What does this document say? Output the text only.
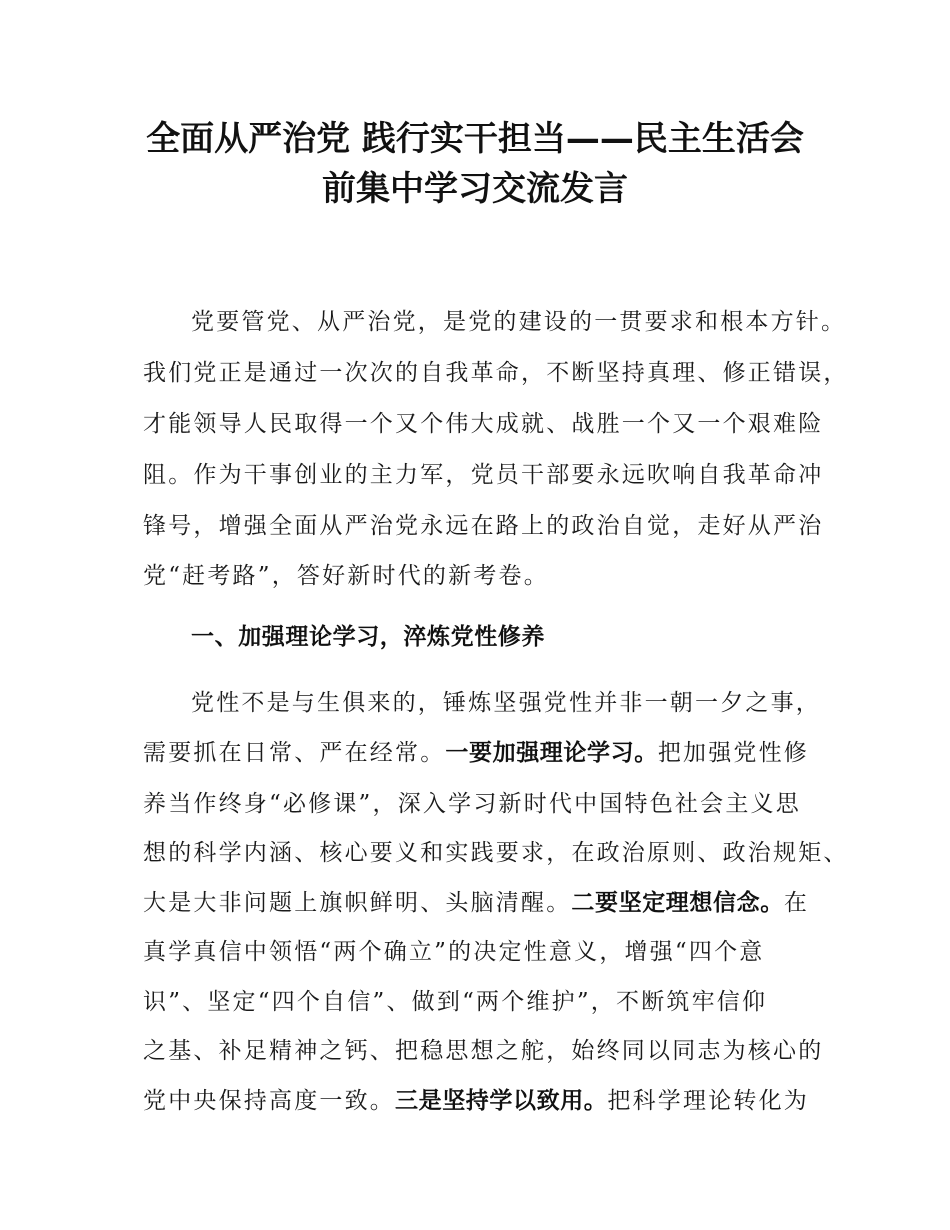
全面从严治党 践行实干担当——民主生活会
前集中学习交流发言
党要管党、从严治党，是党的建设的一贯要求和根本方针。
我们党正是通过一次次的自我革命，不断坚持真理、修正错误，
才能领导人民取得一个又个伟大成就、战胜一个又一个艰难险
阻。作为干事创业的主力军，党员干部要永远吹响自我革命冲
锋号，增强全面从严治党永远在路上的政治自觉，走好从严治
党“赶考路”，答好新时代的新考卷。
一、加强理论学习，淬炼党性修养
党性不是与生俱来的，锤炼坚强党性并非一朝一夕之事，
需要抓在日常、严在经常。一要加强理论学习。把加强党性修
养当作终身“必修课”，深入学习新时代中国特色社会主义思
想的科学内涵、核心要义和实践要求，在政治原则、政治规矩、
大是大非问题上旗帜鲜明、头脑清醒。二要坚定理想信念。在
真学真信中领悟“两个确立”的决定性意义，增强“四个意
识”、坚定“四个自信”、做到“两个维护”，不断筑牢信仰
之基、补足精神之钙、把稳思想之舵，始终同以同志为核心的
党中央保持高度一致。三是坚持学以致用。把科学理论转化为
